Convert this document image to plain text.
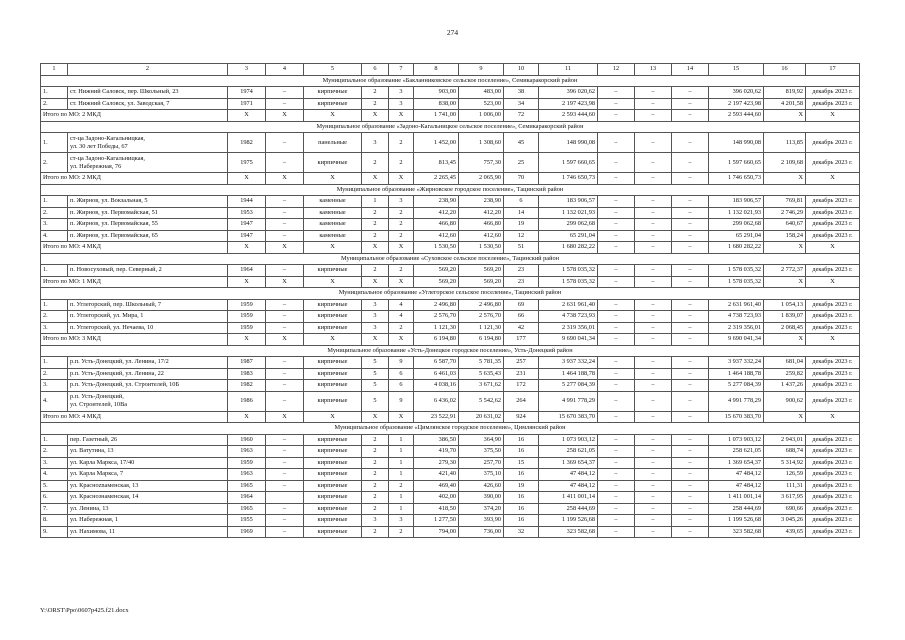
274
1	2	3	4	5	6	7	8	9	10	11	12	13	14	15	16	17
Муниципальное образование «Бакланниковское сельское поселение», Семикаракорский район																
1.	ст. Нижний Саловск, пер. Школьный, 23	1974	–	кирпичные	2	3	903,00	483,00	38	396 020,62	–	–	–	396 020,62	819,92	декабрь 2023 г.
2.	ст. Нижний Саловск, ул. Заводская, 7	1971	–	кирпичные	2	3	838,00	523,00	34	2 197 423,98	–	–	–	2 197 423,98	4 201,58	декабрь 2023 г.
Итого по МО: 2 МКД		X	X	X	X	X	1 741,00	1 006,00	72	2 593 444,60	–	–	–	2 593 444,60	X	X
Муниципальное образование «Задоно-Кагальницкое сельское поселение», Семикаракорский район																
1.	ст-ца Задоно-Кагальницкая,
ул. 30 лет Победы, 67	1982	–	панельные	3	2	1 452,00	1 308,60	45	148 990,08	–	–	–	148 990,08	113,85	декабрь 2023 г.
2.	ст-ца Задоно-Кагальницкая,
ул. Набережная, 76	1975	–	кирпичные	2	2	813,45	757,30	25	1 597 660,65	–	–	–	1 597 660,65	2 109,68	декабрь 2023 г.
Итого по МО: 2 МКД		X	X	X	X	X	2 265,45	2 065,90	70	1 746 650,73	–	–	–	1 746 650,73	X	X
Муниципальное образование «Жирновское городское поселение», Тацинский район																
1.	п. Жирнов, ул. Вокзальная, 5	1944	–	каменные	1	3	238,90	238,90	6	183 906,57	–	–	–	183 906,57	769,81	декабрь 2023 г.
2.	п. Жирнов, ул. Первомайская, 51	1953	–	каменные	2	2	412,20	412,20	14	1 132 021,93	–	–	–	1 132 021,93	2 746,29	декабрь 2023 г.
3.	п. Жирнов, ул. Первомайская, 55	1947	–	каменные	2	2	466,80	466,80	19	299 062,68	–	–	–	299 062,68	640,67	декабрь 2023 г.
4.	п. Жирнов, ул. Первомайская, 65	1947	–	каменные	2	2	412,60	412,60	12	65 291,04	–	–	–	65 291,04	158,24	декабрь 2023 г.
Итого по МО: 4 МКД		X	X	X	X	X	1 530,50	1 530,50	51	1 680 282,22	–	–	–	1 680 282,22	X	X
Муниципальное образование «Суховское сельское поселение», Тацинский район																
1.	п. Новосуховый, пер. Северный, 2	1964	–	кирпичные	2	2	569,20	569,20	23	1 578 035,32	–	–	–	1 578 035,32	2 772,37	декабрь 2023 г.
Итого по МО: 1 МКД		X	X	X	X	X	569,20	569,20	23	1 578 035,32	–	–	–	1 578 035,32	X	X
Муниципальное образование «Углегорское сельское поселение», Тацинский район																
1.	п. Углегорский, пер. Школьный, 7	1959	–	кирпичные	3	4	2 496,80	2 496,80	69	2 631 961,40	–	–	–	2 631 961,40	1 054,13	декабрь 2023 г.
2.	п. Углегорский, ул. Мира, 1	1959	–	кирпичные	3	4	2 576,70	2 576,70	66	4 738 723,93	–	–	–	4 738 723,93	1 839,07	декабрь 2023 г.
3.	п. Углегорский, ул. Нечаева, 10	1959	–	кирпичные	3	2	1 121,30	1 121,30	42	2 319 356,01	–	–	–	2 319 356,01	2 068,45	декабрь 2023 г.
Итого по МО: 3 МКД		X	X	X	X	X	6 194,80	6 194,80	177	9 690 041,34	–	–	–	9 690 041,34	X	X
Муниципальное образование «Усть-Донецкое городское поселение», Усть-Донецкий район																
1.	р.п. Усть-Донецкий, ул. Ленина, 17/2	1987	–	кирпичные	5	9	6 587,70	5 781,35	257	3 937 332,24	–	–	–	3 937 332,24	681,04	декабрь 2023 г.
2.	р.п. Усть-Донецкий, ул. Ленина, 22	1983	–	кирпичные	5	6	6 461,03	5 635,43	231	1 464 188,78	–	–	–	1 464 188,78	259,82	декабрь 2023 г.
3.	р.п. Усть-Донецкий, ул. Строителей, 10Б	1982	–	кирпичные	5	6	4 038,16	3 671,62	172	5 277 084,39	–	–	–	5 277 084,39	1 437,26	декабрь 2023 г.
4.	р.п. Усть-Донецкий,
ул. Строителей, 10Ва	1986	–	кирпичные	5	9	6 436,02	5 542,62	264	4 991 778,29	–	–	–	4 991 778,29	900,62	декабрь 2023 г.
Итого по МО: 4 МКД		X	X	X	X	X	23 522,91	20 631,02	924	15 670 383,70	–	–	–	15 670 383,70	X	X
Муниципальное образование «Цимлянское городское поселение», Цимлянский район																
1.	пер. Газетный, 26	1960	–	кирпичные	2	1	386,50	364,90	16	1 073 903,12	–	–	–	1 073 903,12	2 943,01	декабрь 2023 г.
2.	ул. Ватутина, 13	1963	–	кирпичные	2	1	419,70	375,50	16	258 621,05	–	–	–	258 621,05	688,74	декабрь 2023 г.
3.	ул. Карла Маркса, 17/40	1959	–	кирпичные	2	1	279,30	257,70	15	1 369 654,37	–	–	–	1 369 654,37	5 314,92	декабрь 2023 г.
4.	ул. Карла Маркса, 7	1963	–	кирпичные	2	1	421,40	375,10	16	47 484,12	–	–	–	47 484,12	126,59	декабрь 2023 г.
5.	ул. Красноznаменская, 13	1965	–	кирпичные	2	2	469,40	426,60	19	47 484,12	–	–	–	47 484,12	111,31	декабрь 2023 г.
6.	ул. Краснознаменская, 14	1964		кирпичные	2	1	402,00	390,00	16	1 411 001,14	–	–	–	1 411 001,14	3 617,95	декабрь 2023 г.
7.	ул. Ленина, 13	1965	–	кирпичные	2	1	418,50	374,20	16	258 444,69	–	–	–	258 444,69	690,66	декабрь 2023 г.
8.	ул. Набережная, 1	1955	–	кирпичные	3	3	1 277,50	393,90	16	1 199 526,68	–	–	–	1 199 526,68	3 045,26	декабрь 2023 г.
9.	ул. Нахимова, 11	1969	–	кирпичные	2	2	794,00	736,00	32	323 582,68	–	–	–	323 582,68	439,65	декабрь 2023 г.
Y:\ORST\Ppo\0607p425.f21.docx
